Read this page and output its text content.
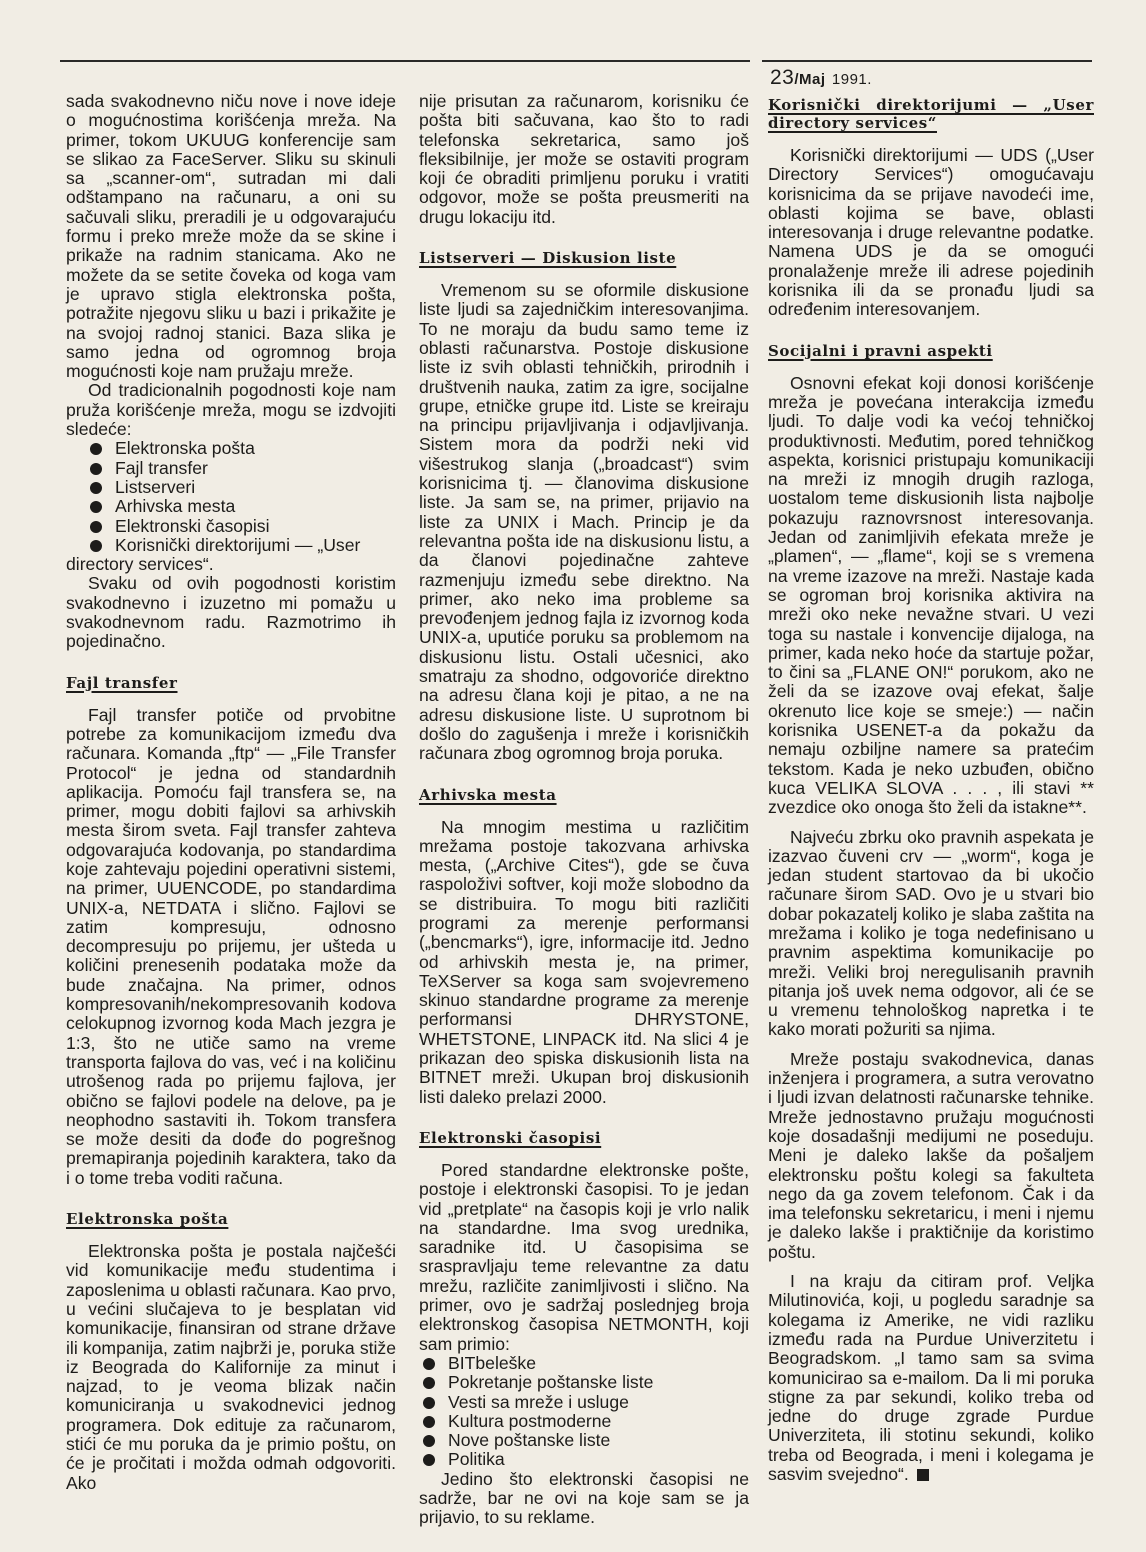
23/Maj 1991.

sada svakodnevno niču nove i nove ideje o mogućnostima korišćenja mreža. Na primer, tokom UKUUG konferencije sam se slikao za FaceServer. Sliku su skinuli sa „scanner-om“, sutradan mi dali odštampano na računaru, a oni su sačuvali sliku, preradili je u odgovarajuću formu i preko mreže može da se skine i prikaže na radnim stanicama. Ako ne možete da se setite čoveka od koga vam je upravo stigla elektronska pošta, potražite njegovu sliku u bazi i prikažite je na svojoj radnoj stanici. Baza slika je samo jedna od ogromnog broja mogućnosti koje nam pružaju mreže.

Od tradicionalnih pogodnosti koje nam pruža korišćenje mreža, mogu se izdvojiti sledeće:

Elektronska pošta
Fajl transfer
Listserveri
Arhivska mesta
Elektronski časopisi
Korisnički direktorijumi — „User

directory services“.

Svaku od ovih pogodnosti koristim svakodnevno i izuzetno mi pomažu u svakodnevnom radu. Razmotrimo ih pojedinačno.

Fajl transfer

Fajl transfer potiče od prvobitne potrebe za komunikacijom između dva računara. Komanda „ftp“ — „File Transfer Protocol“ je jedna od standardnih aplikacija. Pomoću fajl transfera se, na primer, mogu dobiti fajlovi sa arhivskih mesta širom sveta. Fajl transfer zahteva odgovarajuća kodovanja, po standardima koje zahtevaju pojedini operativni sistemi, na primer, UUENCODE, po standardima UNIX-a, NETDATA i slično. Fajlovi se zatim kompresuju, odnosno decompresuju po prijemu, jer ušteda u količini prenesenih podataka može da bude značajna. Na primer, odnos kompresovanih/nekompresovanih kodova celokupnog izvornog koda Mach jezgra je 1:3, što ne utiče samo na vreme transporta fajlova do vas, već i na količinu utrošenog rada po prijemu fajlova, jer obično se fajlovi podele na delove, pa je neophodno sastaviti ih. Tokom transfera se može desiti da dođe do pogrešnog premapiranja pojedinih karaktera, tako da i o tome treba voditi računa.

Elektronska pošta

Elektronska pošta je postala najčešći vid komunikacije među studentima i zaposlenima u oblasti računara. Kao prvo, u većini slučajeva to je besplatan vid komunikacije, finansiran od strane države ili kompanija, zatim najbrži je, poruka stiže iz Beograda do Kalifornije za minut i najzad, to je veoma blizak način komuniciranja u svakodnevici jednog programera. Dok edituje za računarom, stići će mu poruka da je primio poštu, on će je pročitati i možda odmah odgovoriti. Ako

nije prisutan za računarom, korisniku će pošta biti sačuvana, kao što to radi telefonska sekretarica, samo još fleksibilnije, jer može se ostaviti program koji će obraditi primljenu poruku i vratiti odgovor, može se pošta preusmeriti na drugu lokaciju itd.

Listserveri — Diskusion liste

Vremenom su se oformile diskusione liste ljudi sa zajedničkim interesovanjima. To ne moraju da budu samo teme iz oblasti računarstva. Postoje diskusione liste iz svih oblasti tehničkih, prirodnih i društvenih nauka, zatim za igre, socijalne grupe, etničke grupe itd. Liste se kreiraju na principu prijavljivanja i odjavljivanja. Sistem mora da podrži neki vid višestrukog slanja („broadcast“) svim korisnicima tj. — članovima diskusione liste. Ja sam se, na primer, prijavio na liste za UNIX i Mach. Princip je da relevantna pošta ide na diskusionu listu, a da članovi pojedinačne zahteve razmenjuju između sebe direktno. Na primer, ako neko ima probleme sa prevođenjem jednog fajla iz izvornog koda UNIX-a, uputiće poruku sa problemom na diskusionu listu. Ostali učesnici, ako smatraju za shodno, odgovoriće direktno na adresu člana koji je pitao, a ne na adresu diskusione liste. U suprotnom bi došlo do zagušenja i mreže i korisničkih računara zbog ogromnog broja poruka.

Arhivska mesta

Na mnogim mestima u različitim mrežama postoje takozvana arhivska mesta, („Archive Cites“), gde se čuva raspoloživi softver, koji može slobodno da se distribuira. To mogu biti različiti programi za merenje performansi („bencmarks“), igre, informacije itd. Jedno od arhivskih mesta je, na primer, TeXServer sa koga sam svojevremeno skinuo standardne programe za merenje performansi DHRYSTONE, WHETSTONE, LINPACK itd. Na slici 4 je prikazan deo spiska diskusionih lista na BITNET mreži. Ukupan broj diskusionih listi daleko prelazi 2000.

Elektronski časopisi

Pored standardne elektronske pošte, postoje i elektronski časopisi. To je jedan vid „pretplate“ na časopis koji je vrlo nalik na standardne. Ima svog urednika, saradnike itd. U časopisima se sraspravljaju teme relevantne za datu mrežu, različite zanimljivosti i slično. Na primer, ovo je sadržaj poslednjeg broja elektronskog časopisa NETMONTH, koji sam primio:

BITbeleške
Pokretanje poštanske liste
Vesti sa mreže i usluge
Kultura postmoderne
Nove poštanske liste
Politika

Jedino što elektronski časopisi ne sadrže, bar ne ovi na koje sam se ja prijavio, to su reklame.

Korisnički direktorijumi — „User directory services“

Korisnički direktorijumi — UDS („User Directory Services“) omogućavaju korisnicima da se prijave navodeći ime, oblasti kojima se bave, oblasti interesovanja i druge relevantne podatke. Namena UDS je da se omogući pronalaženje mreže ili adrese pojedinih korisnika ili da se pronađu ljudi sa određenim interesovanjem.

Socijalni i pravni aspekti

Osnovni efekat koji donosi korišćenje mreža je povećana interakcija između ljudi. To dalje vodi ka većoj tehničkoj produktivnosti. Međutim, pored tehničkog aspekta, korisnici pristupaju komunikaciji na mreži iz mnogih drugih razloga, uostalom teme diskusionih lista najbolje pokazuju raznovrsnost interesovanja. Jedan od zanimljivih efekata mreže je „plamen“, — „flame“, koji se s vremena na vreme izazove na mreži. Nastaje kada se ogroman broj korisnika aktivira na mreži oko neke nevažne stvari. U vezi toga su nastale i konvencije dijaloga, na primer, kada neko hoće da startuje požar, to čini sa „FLANE ON!“ porukom, ako ne želi da se izazove ovaj efekat, šalje okrenuto lice koje se smeje:) — način korisnika USENET-a da pokažu da nemaju ozbiljne namere sa pratećim tekstom. Kada je neko uzbuđen, obično kuca VELIKA SLOVA . . . , ili stavi ** zvezdice oko onoga što želi da istakne**.

Najveću zbrku oko pravnih aspekata je izazvao čuveni crv — „worm“, koga je jedan student startovao da bi ukočio računare širom SAD. Ovo je u stvari bio dobar pokazatelj koliko je slaba zaštita na mrežama i koliko je toga nedefinisano u pravnim aspektima komunikacije po mreži. Veliki broj neregulisanih pravnih pitanja još uvek nema odgovor, ali će se u vremenu tehnološkog napretka i te kako morati požuriti sa njima.

Mreže postaju svakodnevica, danas inženjera i programera, a sutra verovatno i ljudi izvan delatnosti računarske tehnike. Mreže jednostavno pružaju mogućnosti koje dosadašnji medijumi ne poseduju. Meni je daleko lakše da pošaljem elektronsku poštu kolegi sa fakulteta nego da ga zovem telefonom. Čak i da ima telefonsku sekretaricu, i meni i njemu je daleko lakše i praktičnije da koristimo poštu.

I na kraju da citiram prof. Veljka Milutinovića, koji, u pogledu saradnje sa kolegama iz Amerike, ne vidi razliku između rada na Purdue Univerzitetu i Beogradskom. „I tamo sam sa svima komunicirao sa e-mailom. Da li mi poruka stigne za par sekundi, koliko treba od jedne do druge zgrade Purdue Univerziteta, ili stotinu sekundi, koliko treba od Beograda, i meni i kolegama je sasvim svejedno“.
